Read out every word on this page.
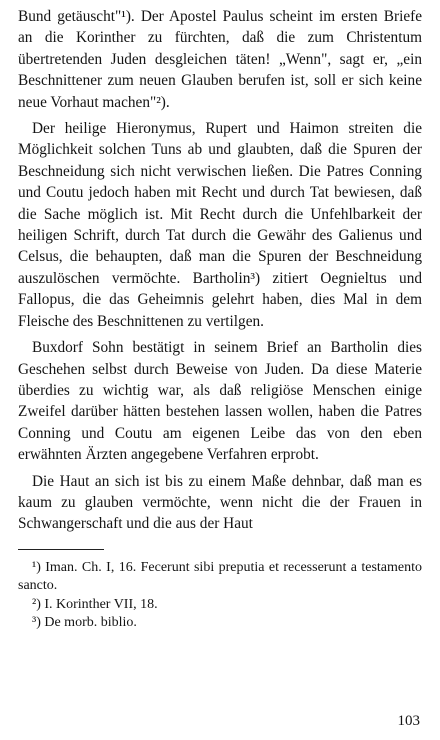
Bund getäuscht"¹). Der Apostel Paulus scheint im ersten Briefe an die Korinther zu fürchten, daß die zum Christentum übertretenden Juden desgleichen täten! „Wenn", sagt er, „ein Beschnittener zum neuen Glauben berufen ist, soll er sich keine neue Vorhaut machen"²).

Der heilige Hieronymus, Rupert und Haimon streiten die Möglichkeit solchen Tuns ab und glaubten, daß die Spuren der Beschneidung sich nicht verwischen ließen. Die Patres Conning und Coutu jedoch haben mit Recht und durch Tat bewiesen, daß die Sache möglich ist. Mit Recht durch die Unfehlbarkeit der heiligen Schrift, durch Tat durch die Gewähr des Galienus und Celsus, die behaupten, daß man die Spuren der Beschneidung auszulöschen vermöchte. Bartholin³) zitiert Oegnieltus und Fallopus, die das Geheimnis gelehrt haben, dies Mal in dem Fleische des Beschnittenen zu vertilgen.

Buxdorf Sohn bestätigt in seinem Brief an Bartholin dies Geschehen selbst durch Beweise von Juden. Da diese Materie überdies zu wichtig war, als daß religiöse Menschen einige Zweifel darüber hätten bestehen lassen wollen, haben die Patres Conning und Coutu am eigenen Leibe das von den eben erwähnten Ärzten angegebene Verfahren erprobt.

Die Haut an sich ist bis zu einem Maße dehnbar, daß man es kaum zu glauben vermöchte, wenn nicht die der Frauen in Schwangerschaft und die aus der Haut

¹) Iman. Ch. I, 16. Fecerunt sibi preputia et recesserunt a testamento sancto.

²) I. Korinther VII, 18.

³) De morb. biblio.

103
